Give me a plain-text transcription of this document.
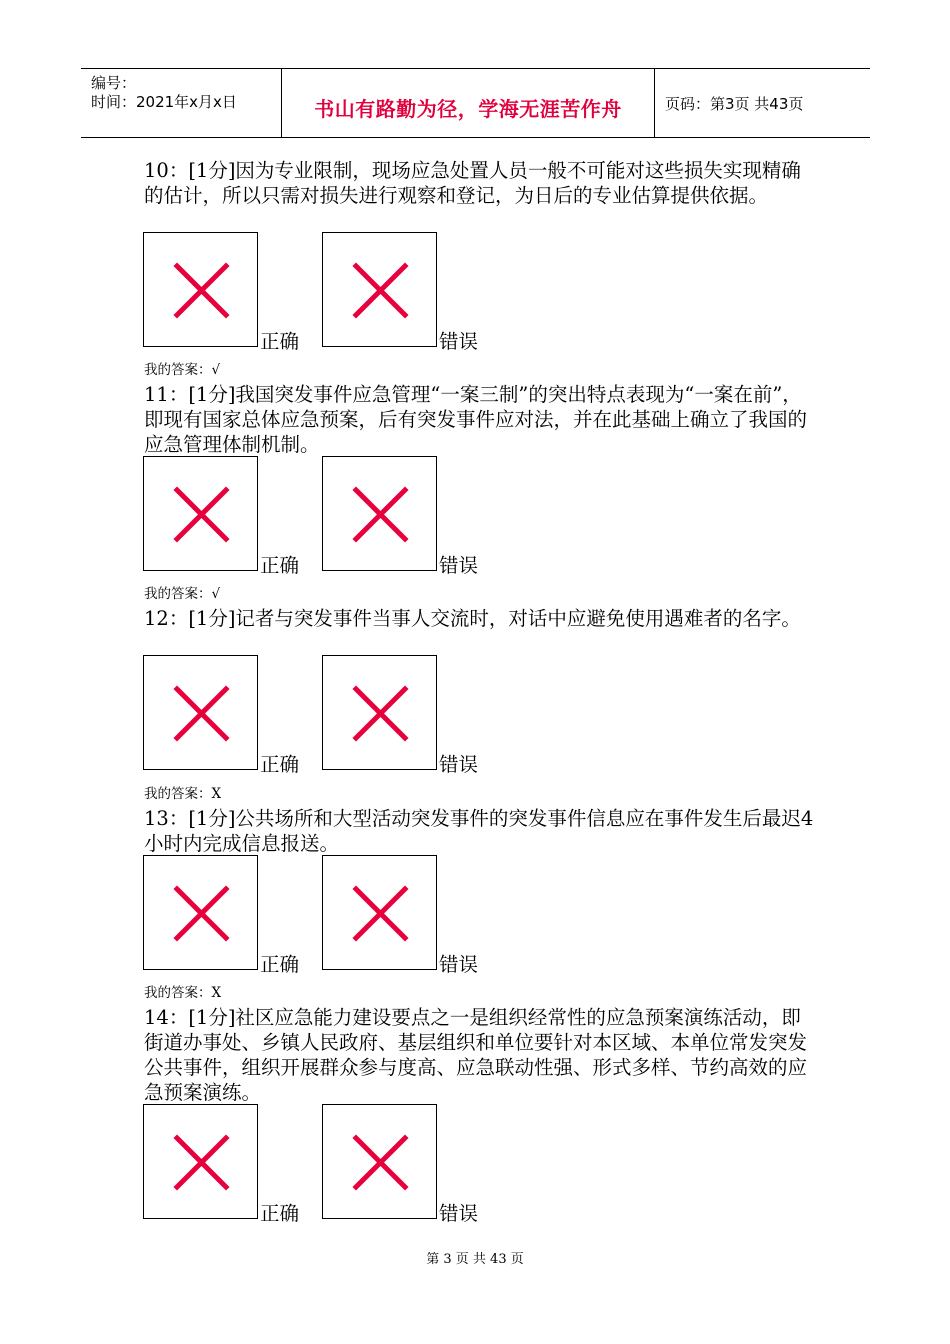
编号：
时间：2021年x月x日	书山有路勤为径，学海无涯苦作舟	页码：第3页 共43页
10：[1分]因为专业限制，现场应急处置人员一般不可能对这些损失实现精确的估计，所以只需对损失进行观察和登记，为日后的专业估算提供依据。
正确	错误
我的答案：√
11：[1分]我国突发事件应急管理“一案三制”的突出特点表现为“一案在前”，即现有国家总体应急预案，后有突发事件应对法，并在此基础上确立了我国的应急管理体制机制。
正确	错误
我的答案：√
12：[1分]记者与突发事件当事人交流时，对话中应避免使用遇难者的名字。
正确	错误
我的答案：X
13：[1分]公共场所和大型活动突发事件的突发事件信息应在事件发生后最迟4小时内完成信息报送。
正确	错误
我的答案：X
14：[1分]社区应急能力建设要点之一是组织经常性的应急预案演练活动，即街道办事处、乡镇人民政府、基层组织和单位要针对本区域、本单位常发突发公共事件，组织开展群众参与度高、应急联动性强、形式多样、节约高效的应急预案演练。
正确	错误
第 3 页 共 43 页
